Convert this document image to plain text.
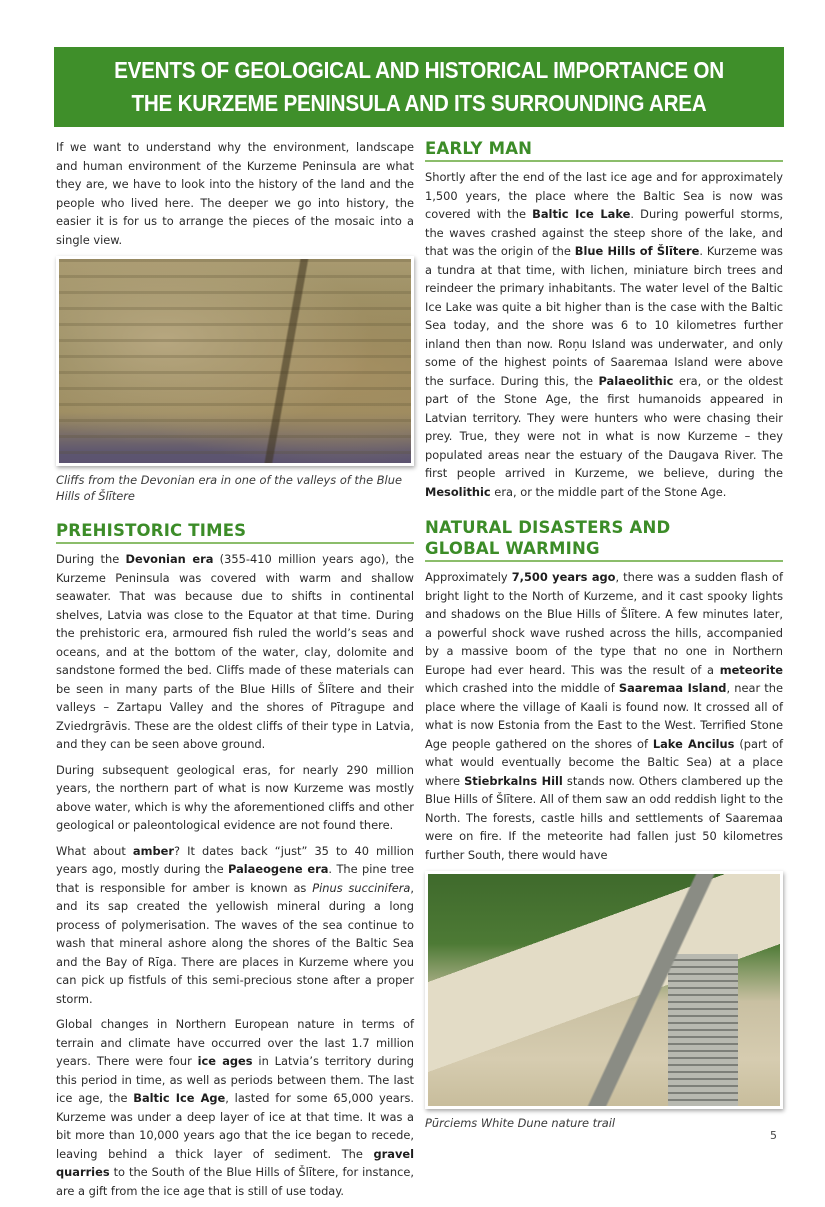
EVENTS OF GEOLOGICAL AND HISTORICAL IMPORTANCE ON
THE KURZEME PENINSULA AND ITS SURROUNDING AREA

If we want to understand why the environment, landscape and human environment of the Kurzeme Peninsula are what they are, we have to look into the history of the land and the people who lived here. The deeper we go into history, the easier it is for us to arrange the pieces of the mosaic into a single view.

Cliffs from the Devonian era in one of the valleys of the Blue Hills of Šlītere
PREHISTORIC TIMES

During the Devonian era (355-410 million years ago), the Kurzeme Peninsula was covered with warm and shallow seawater. That was because due to shifts in continental shelves, Latvia was close to the Equator at that time. During the prehistoric era, armoured fish ruled the world’s seas and oceans, and at the bottom of the water, clay, dolomite and sandstone formed the bed. Cliffs made of these materials can be seen in many parts of the Blue Hills of Šlītere and their valleys – Zartapu Valley and the shores of Pītragupe and Zviedrgrāvis. These are the oldest cliffs of their type in Latvia, and they can be seen above ground.

During subsequent geological eras, for nearly 290 million years, the northern part of what is now Kurzeme was mostly above water, which is why the aforementioned cliffs and other geological or paleontological evidence are not found there.

What about amber? It dates back “just” 35 to 40 million years ago, mostly during the Palaeogene era. The pine tree that is responsible for amber is known as Pinus succinifera, and its sap created the yellowish mineral during a long process of polymerisation. The waves of the sea continue to wash that mineral ashore along the shores of the Baltic Sea and the Bay of Rīga. There are places in Kurzeme where you can pick up fistfuls of this semi-precious stone after a proper storm.

Global changes in Northern European nature in terms of terrain and climate have occurred over the last 1.7 million years. There were four ice ages in Latvia’s territory during this period in time, as well as periods between them. The last ice age, the Baltic Ice Age, lasted for some 65,000 years. Kurzeme was under a deep layer of ice at that time. It was a bit more than 10,000 years ago that the ice began to recede, leaving behind a thick layer of sediment. The gravel quarries to the South of the Blue Hills of Šlītere, for instance, are a gift from the ice age that is still of use today.

EARLY MAN

Shortly after the end of the last ice age and for approximately 1,500 years, the place where the Baltic Sea is now was covered with the Baltic Ice Lake. During powerful storms, the waves crashed against the steep shore of the lake, and that was the origin of the Blue Hills of Šlītere. Kurzeme was a tundra at that time, with lichen, miniature birch trees and reindeer the primary inhabitants. The water level of the Baltic Ice Lake was quite a bit higher than is the case with the Baltic Sea today, and the shore was 6 to 10 kilometres further inland then than now. Roņu Island was underwater, and only some of the highest points of Saaremaa Island were above the surface. During this, the Palaeolithic era, or the oldest part of the Stone Age, the first humanoids appeared in Latvian territory. They were hunters who were chasing their prey. True, they were not in what is now Kurzeme – they populated areas near the estuary of the Daugava River. The first people arrived in Kurzeme, we believe, during the Mesolithic era, or the middle part of the Stone Age.

NATURAL DISASTERS AND
GLOBAL WARMING

Approximately 7,500 years ago, there was a sudden flash of bright light to the North of Kurzeme, and it cast spooky lights and shadows on the Blue Hills of Šlītere. A few minutes later, a powerful shock wave rushed across the hills, accompanied by a massive boom of the type that no one in Northern Europe had ever heard. This was the result of a meteorite which crashed into the middle of Saaremaa Island, near the place where the village of Kaali is found now. It crossed all of what is now Estonia from the East to the West. Terrified Stone Age people gathered on the shores of Lake Ancilus (part of what would eventually become the Baltic Sea) at a place where Stiebrkalns Hill stands now. Others clambered up the Blue Hills of Šlītere. All of them saw an odd reddish light to the North. The forests, castle hills and settlements of Saaremaa were on fire. If the meteorite had fallen just 50 kilometres further South, there would have

Pūrciems White Dune nature trail
5
